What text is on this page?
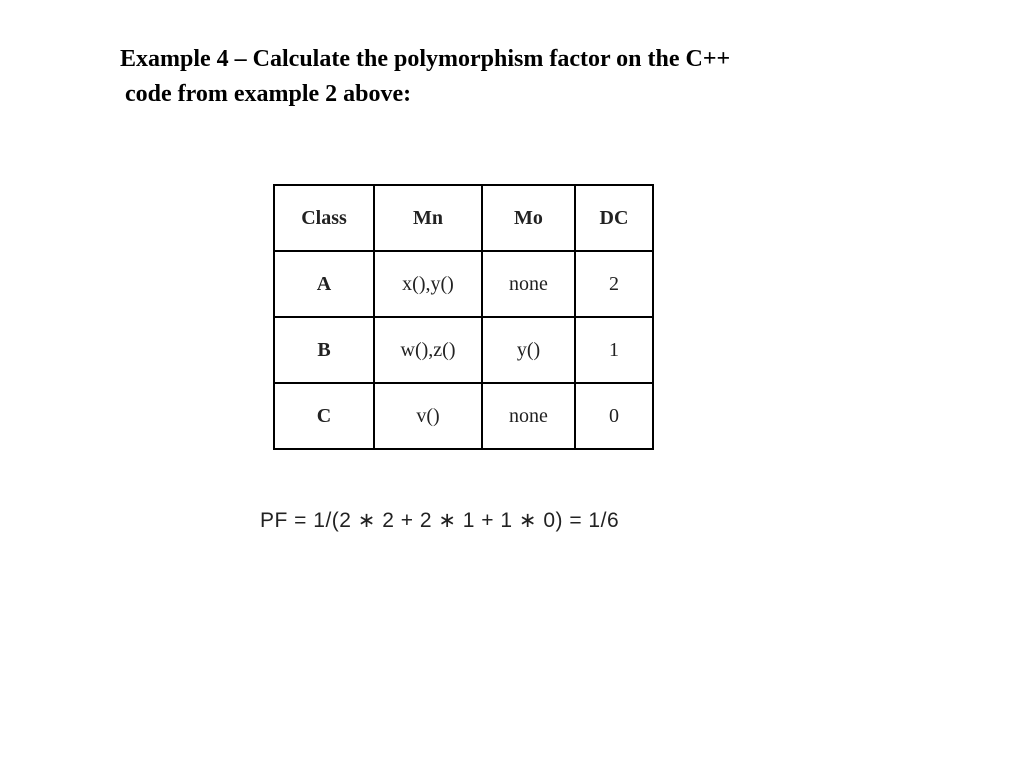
Example 4 – Calculate the polymorphism factor on the C++
code from example 2 above:
Class	Mn	Mo	DC
A	x(),y()	none	2
B	w(),z()	y()	1
C	v()	none	0
PF = 1/(2 ∗ 2 + 2 ∗ 1 + 1 ∗ 0) = 1/6
